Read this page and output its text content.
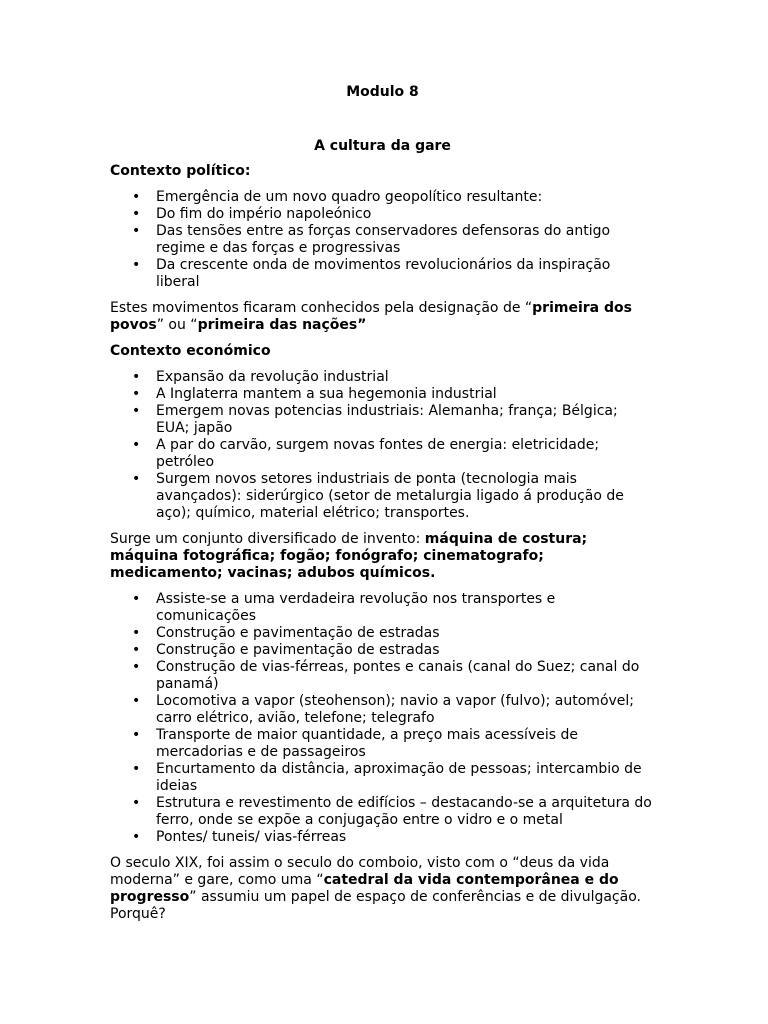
Modulo 8

A cultura da gare

Contexto político:

• Emergência de um novo quadro geopolítico resultante:
• Do fim do império napoleónico
• Das tensões entre as forças conservadores defensoras do antigo regime e das forças e progressivas
• Da crescente onda de movimentos revolucionários da inspiração liberal

Estes movimentos ficaram conhecidos pela designação de “primeira dos povos” ou “primeira das nações”

Contexto económico

• Expansão da revolução industrial
• A Inglaterra mantem a sua hegemonia industrial
• Emergem novas potencias industriais: Alemanha; frança; Bélgica; EUA; japão
• A par do carvão, surgem novas fontes de energia: eletricidade; petróleo
• Surgem novos setores industriais de ponta (tecnologia mais avançados): siderúrgico (setor de metalurgia ligado á produção de aço); químico, material elétrico; transportes.

Surge um conjunto diversificado de invento: máquina de costura; máquina fotográfica; fogão; fonógrafo; cinematografo; medicamento; vacinas; adubos químicos.

• Assiste-se a uma verdadeira revolução nos transportes e comunicações
• Construção e pavimentação de estradas
• Construção e pavimentação de estradas
• Construção de vias-férreas, pontes e canais (canal do Suez; canal do panamá)
• Locomotiva a vapor (steohenson); navio a vapor (fulvo); automóvel; carro elétrico, avião, telefone; telegrafo
• Transporte de maior quantidade, a preço mais acessíveis de mercadorias e de passageiros
• Encurtamento da distância, aproximação de pessoas; intercambio de ideias
• Estrutura e revestimento de edifícios – destacando-se a arquitetura do ferro, onde se expõe a conjugação entre o vidro e o metal
• Pontes/ tuneis/ vias-férreas

O seculo XIX, foi assim o seculo do comboio, visto com o “deus da vida moderna” e gare, como uma “catedral da vida contemporânea e do progresso” assumiu um papel de espaço de conferências e de divulgação. Porquê?
